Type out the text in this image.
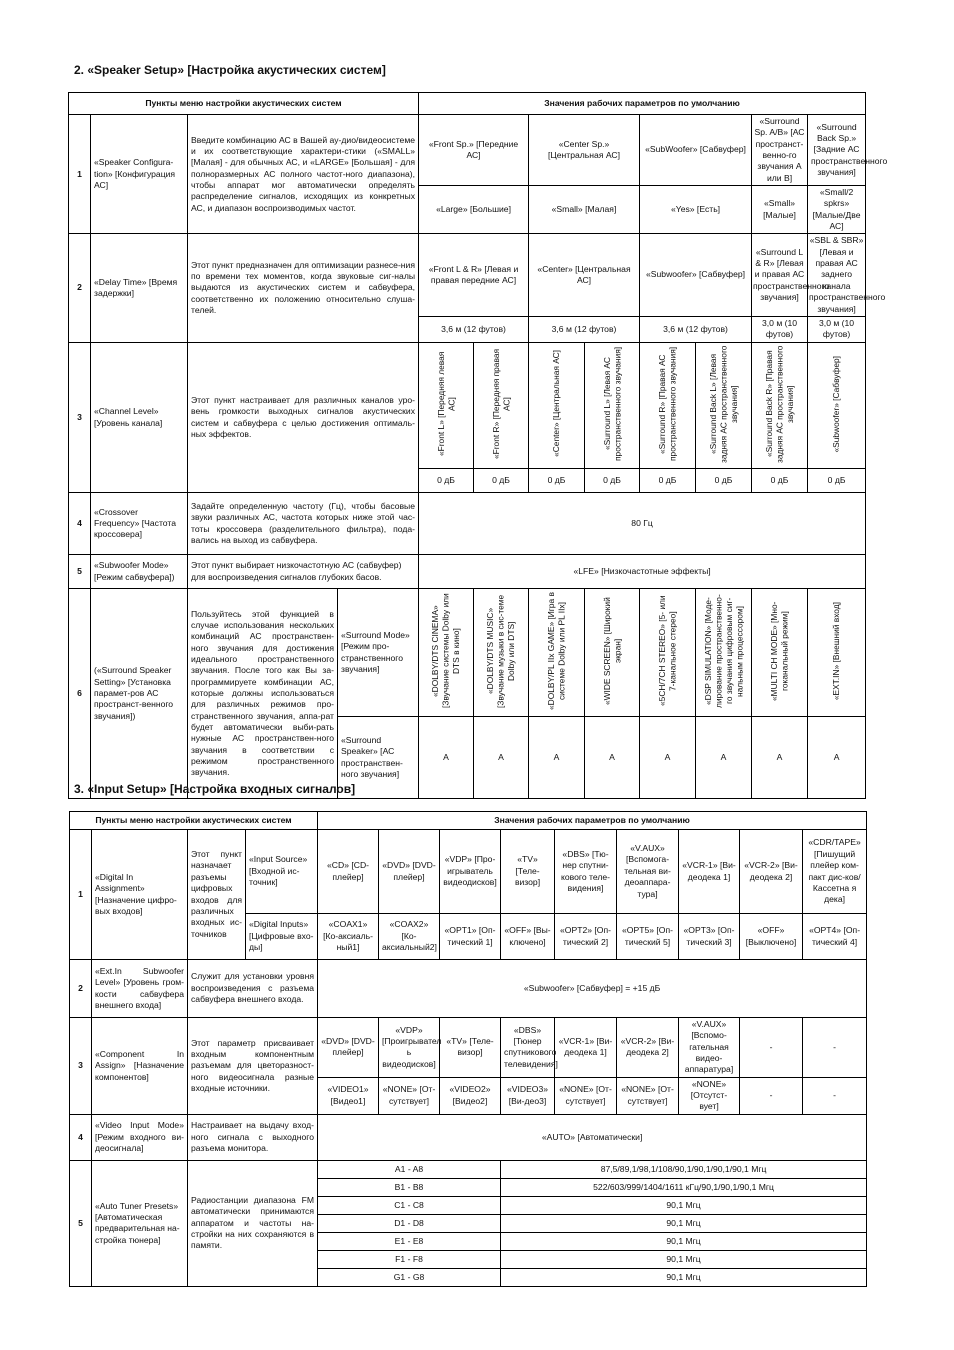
2. «Speaker Setup» [Настройка акустических систем]
Пункты меню настройки акустических систем				Значения рабочих параметров по умолчанию							
1	«Speaker Configura-tion» [Конфигурация АС]	Введите комбинацию АС в Вашей ау-дио/видеосистеме и их соответствующие характери-стики («SMALL» [Малая] - для обычных АС, и «LARGE» [Большая] - для полноразмерных АС полного частот-ного диапазона), чтобы аппарат мог автоматически определять распределение сигналов, исходящих из конкретных АС, и диапазон воспроизводимых частот.		«Front Sp.» [Передние АС]		«Center Sp.» [Центральная АС]		«SubWoofer» [Сабвуфер]		«Surround Sp. A/B» [АС пространст-венно-го звучания А или В]	«Surround Back Sp.» [Задние АС пространственного звучания]
				«Large» [Большие]		«Small» [Малая]		«Yes» [Есть]		«Small» [Малые]	«Small/2 spkrs» [Малые/Две АС]
2	«Delay Time» [Время задержки]	Этот пункт предназначен для оптимизации разнесе-ния по времени тех моментов, когда звуковые сиг-налы выдаются из акустических систем и сабвуфера, соответственно их положению относительно слуша-телей.		«Front L & R» [Левая и правая передние АС]		«Center» [Центральная АС]		«Subwoofer» [Сабвуфер]		«Surround L & R» [Левая и правая АС пространственного звучания]	«SBL & SBR» [Левая и правая АС заднего канала пространственного звучания]
				3,6 м (12 футов)		3,6 м (12 футов)		3,6 м (12 футов)		3,0 м (10 футов)	3,0 м (10 футов)
3	«Channel Level» [Уровень канала]	Этот пункт настраивает для различных каналов уро-вень громкости выходных сигналов акустических систем и сабвуфера с целью достижения оптималь-ных эффектов.		«Front L» [Передняя левая АС]	«Front R» [Передняя правая АС]	«Center» [Центральная АС]	«Surround L» [Левая АС пространственного звучания]	«Surround R» [Правая АС пространственного звучания]	«Surround Back L» [Левая задняя АС пространственного звучания]	«Surround Back R» [Правая задняя АС пространственного звучания]	«Subwoofer» [Сабвуфер]
				0 дБ	0 дБ	0 дБ	0 дБ	0 дБ	0 дБ	0 дБ	0 дБ
4	«Crossover Frequency» [Частота кроссовера]	Задайте определенную частоту (Гц), чтобы басовые звуки различных АС, частота которых ниже этой час-тоты кроссовера (разделительного фильтра), пода-вались на выход из сабвуфера.		80 Гц							
5	«Subwoofer Mode» [Режим сабвуфера])	Этот пункт выбирает низкочастотную АС (сабвуфер) для воспроизведения сигналов глубоких басов.		«LFE» [Низкочастотные эффекты]							
6	(«Surround Speaker Setting» [Установка парамет-ров АС пространст-венного звучания])	Пользуйтесь этой функцией в случае использования нескольких комбинаций АС пространствен-ного звучания для достижения идеального пространственного звучания. После того как Вы за-программируете комбинации АС, которые должны использоваться для различных режимов про-странственного звучания, аппа-рат будет автоматически выби-рать нужные АС пространствен-ного звучания в соответствии с режимом пространственного звучания.	«Surround Mode» [Режим про-странственного звучания]	«DOLBY/DTS CINEMA» [Звучание системы Dolby или DTS в кино]	«DOLBY/DTS MUSIC» [Звучание музыки в сис-теме Dolby или DTS]	«DOLBY/PL IIx GAME» [Игра в системе Dolby или PL IIx]	«WIDE SCREEN» [Широкий экран]	«5CH/7CH STEREO» [5- или 7-канальное стерео]	«DSP SIMULATION» [Моде-лирование пространственно-го звучания цифровым сиг-нальным процессором]	«MULTI CH MODE» [Мно-гоканальный режим]	«EXT.IN» [Внешний вход]
			«Surround Speaker» [АС пространствен-ного звучания]	А	А	А	А	А	А	А	А
3. «Input Setup» [Настройка входных сигналов]
Пункты меню настройки акустических систем				Значения рабочих параметров по умолчанию								
1	«Digital In Assignment» [Назначение цифро-вых входов]	Этот пункт назначает разъемы цифровых входов для различных входных ис-точников	«Input Source» [Входной ис-точник]	«CD» [CD-плейер]	«DVD» [DVD-плейер]	«VDP» [Про-игрыватель видеодисков]	«TV» [Теле-визор]	«DBS» [Тю-нер спутни-кового теле-видения]	«V.AUX» [Вспомога-тельная ви-деоаппара-тура]	«VCR-1» [Ви-деодека 1]	«VCR-2» [Ви-деодека 2]	«CDR/TAPE» [Пишущий плейер ком-пакт дис-ков/Кассетна я дека]
			«Digital Inputs» [Цифровые вхо-ды]	«COAX1» [Ко-аксиаль-ный1]	«COAX2» [Ко-аксиальный2]	«OPT1» [Оп-тический 1]	«OFF» [Вы-ключено]	«OPT2» [Оп-тический 2]	«OPT5» [Оп-тический 5]	«OPT3» [Оп-тический 3]	«OFF» [Выключено]	«OPT4» [Оп-тический 4]
2	«Ext.In Subwoofer Level» [Уровень гром-кости сабвуфера внешнего входа]	Служит для установки уровня воспроизведения с разъема сабвуфера внешнего входа.		«Subwoofer» [Сабвуфер] = +15 дБ								
3	«Component In Assign» [Назначение компонентов]	Этот параметр присваивает входным компонентным разъемам для цветоразност-ного видеосигнала разные входные источники.		«DVD» [DVD-плейер]	«VDP» [Проигрывател ь видеодисков]	«TV» [Теле-визор]	«DBS» [Тюнер спутникового телевидения]	«VCR-1» [Ви-деодека 1]	«VCR-2» [Ви-деодека 2]	«V.AUX» [Вспомо-гательная видео-аппаратура]	-	-
				«VIDEO1» [Видео1]	«NONE» [От-сутствует]	«VIDEO2» [Видео2]	«VIDEO3» [Ви-део3]	«NONE» [От-сутствует]	«NONE» [От-сутствует]	«NONE» [Отсутст-вует]	-	-
4	«Video Input Mode» [Режим входного ви-деосигнала]	Настраивает на выдачу вход-ного сигнала с выходного разъема монитора.		«AUTO» [Автоматически]								
5	«Auto Tuner Presets» [Автоматическая предварительная на-стройка тюнера]	Радиостанции диапазона FM автоматически принимаются аппаратом и частоты на-стройки на них сохраняются в памяти.		A1 - A8			87,5/89,1/98,1/108/90,1/90,1/90,1/90,1 Мгц					
				B1 - B8			522/603/999/1404/1611 кГц/90,1/90,1/90,1 Мгц					
				C1 - C8			90,1 Мгц					
				D1 - D8			90,1 Мгц					
				E1 - E8			90,1 Мгц					
				F1 - F8			90,1 Мгц					
				G1 - G8			90,1 Мгц					
